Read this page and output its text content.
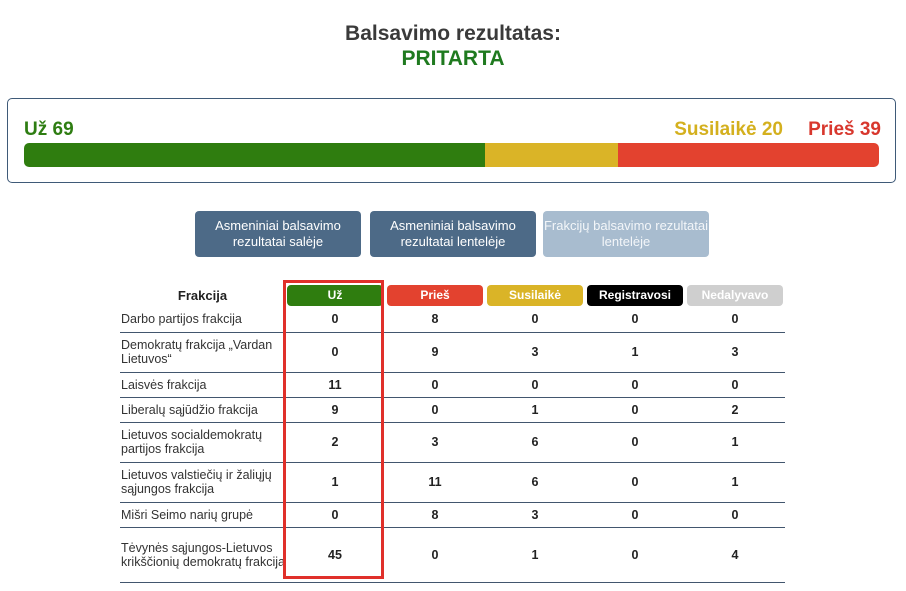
Balsavimo rezultatas:
PRITARTA
Už 69	Susilaikė 20 Prieš 39
Asmeniniai balsavimo rezultatai salėje
Asmeniniai balsavimo rezultatai lentelėje
Frakcijų balsavimo rezultatai lentelėje
Frakcija	Už	Prieš	Susilaikė	Registravosi	Nedalyvavo

Darbo partijos frakcija	0	8	0	0	0
Demokratų frakcija „Vardan Lietuvos“	0	9	3	1	3
Laisvės frakcija	11	0	0	0	0
Liberalų sąjūdžio frakcija	9	0	1	0	2
Lietuvos socialdemokratų partijos frakcija	2	3	6	0	1
Lietuvos valstiečių ir žaliųjų sąjungos frakcija	1	11	6	0	1
Mišri Seimo narių grupė	0	8	3	0	0
Tėvynės sąjungos-Lietuvos krikščionių demokratų frakcija	45	0	1	0	4
